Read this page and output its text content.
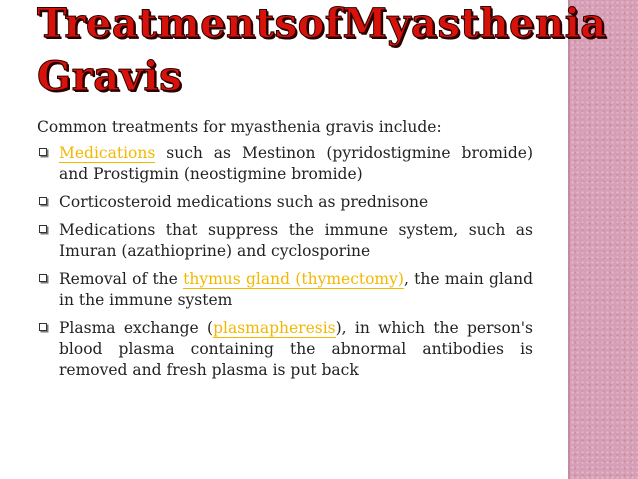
Treatments of Myasthenia
Gravis

Common treatments for myasthenia gravis include:

Medications such as Mestinon (pyridostigmine bromide) and Prostigmin (neostigmine bromide)
Corticosteroid medications such as prednisone
Medications that suppress the immune system, such as Imuran (azathioprine) and cyclosporine
Removal of the thymus gland (thymectomy), the main gland in the immune system
Plasma exchange (plasmapheresis), in which the person's blood plasma containing the abnormal antibodies is removed and fresh plasma is put back
